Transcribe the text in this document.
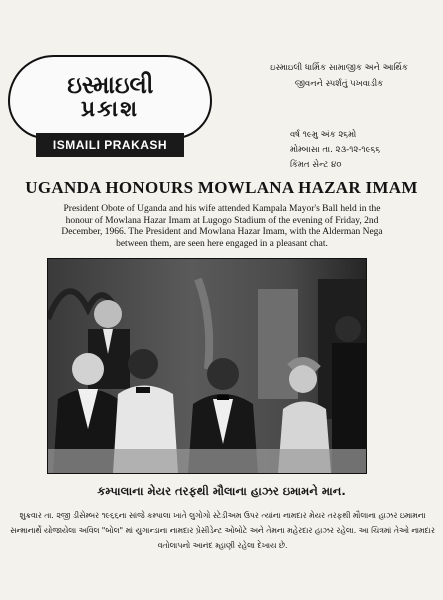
ઇસ્માઇલી
પ્રકાશ
ISMAILI PRAKASH
ઇસ્માઇલી ધાર્મિક સામાજીક અને આર્થિક
જીવનને સ્પર્શતું પખવાડીક
વર્ષ ૧૯મુ અંક ૨૬મો
મોમ્બાસા તા. ૨૩-૧૨-૧૯૬૬
કિંમત સેન્ટ ૪૦
UGANDA HONOURS MOWLANA HAZAR IMAM
President Obote of Uganda and his wife attended Kampala Mayor's Ball held in the honour of Mowlana Hazar Imam at Lugogo Stadium of the evening of Friday, 2nd December, 1966. The President and Mowlana Hazar Imam, with the Alderman Nega between them, are seen here engaged in a pleasant chat.
કમ્પાલાના મેયર તરફથી મૌલાના હાઝર ઇમામને માન.
શુક્રવાર તા. ૨જી ડીસેમ્બર ૧૯૬૬ના સાંજે કમ્પાલા ખાતે લુગોગો સ્ટેડીઅમ ઉપર ત્યાંના નામદાર મેયર તરફથી મૌલાના હાઝર ઇમામના સન્માનાર્થે યોજાયેલા અવિલ "બોલ" માં યુગાન્ડાના નામદાર પ્રેસીડેન્ટ ઓબોટે અને તેમના મહેરદાર હાઝર રહેલા. આ ચિત્રમાં તેઓ નામદાર વતોલાપનો આનંદ મ્હાણી રહેલા દેખાય છે.
